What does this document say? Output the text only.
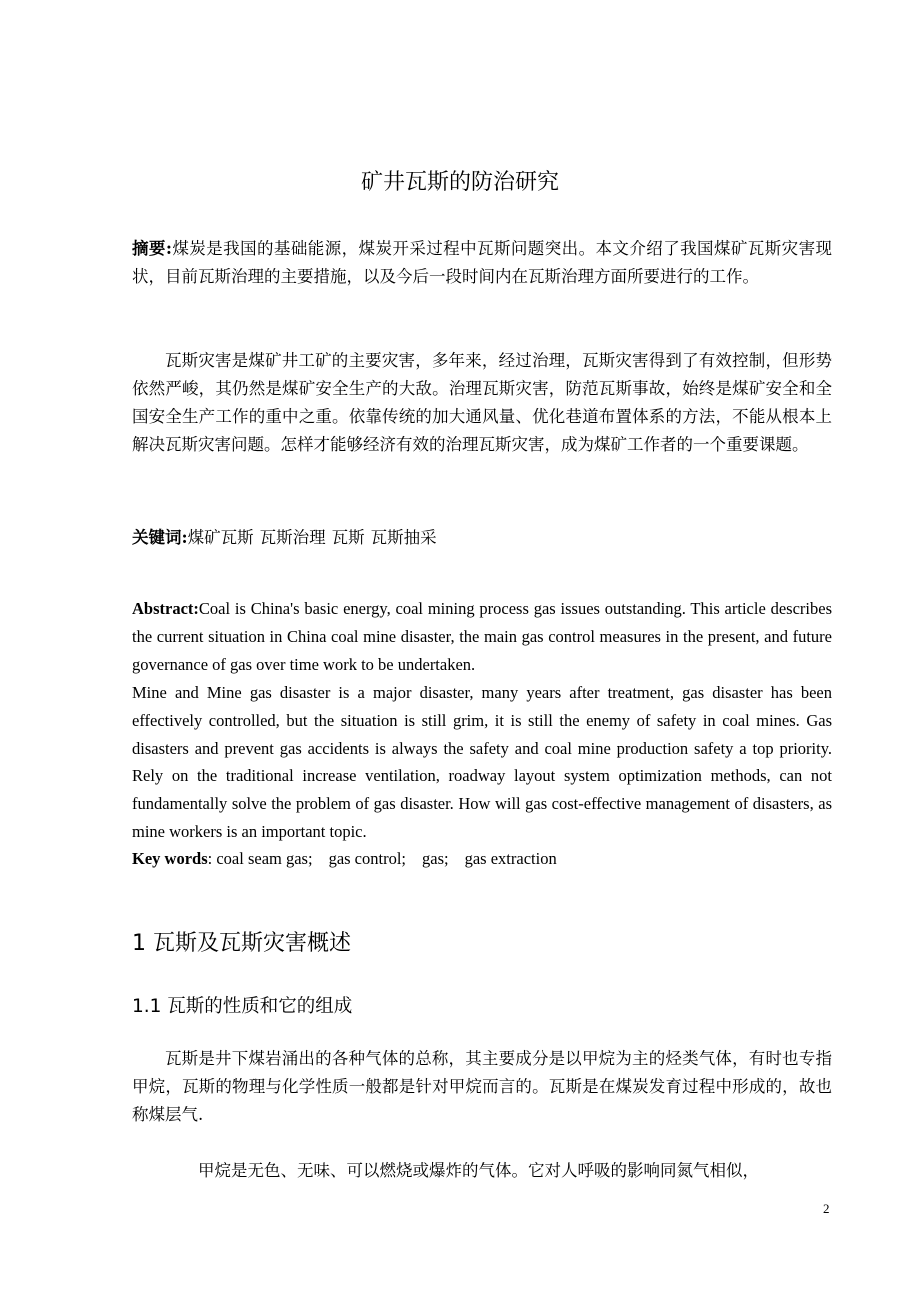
矿井瓦斯的防治研究
摘要:煤炭是我国的基础能源，煤炭开采过程中瓦斯问题突出。本文介绍了我国煤矿瓦斯灾害现状，目前瓦斯治理的主要措施，以及今后一段时间内在瓦斯治理方面所要进行的工作。
瓦斯灾害是煤矿井工矿的主要灾害，多年来，经过治理，瓦斯灾害得到了有效控制，但形势依然严峻，其仍然是煤矿安全生产的大敌。治理瓦斯灾害，防范瓦斯事故，始终是煤矿安全和全国安全生产工作的重中之重。依靠传统的加大通风量、优化巷道布置体系的方法，不能从根本上解决瓦斯灾害问题。怎样才能够经济有效的治理瓦斯灾害，成为煤矿工作者的一个重要课题。
关键词:煤矿瓦斯 瓦斯治理 瓦斯 瓦斯抽采
Abstract:Coal is China's basic energy, coal mining process gas issues outstanding. This article describes the current situation in China coal mine disaster, the main gas control measures in the present, and future governance of gas over time work to be undertaken.
Mine and Mine gas disaster is a major disaster, many years after treatment, gas disaster has been effectively controlled, but the situation is still grim, it is still the enemy of safety in coal mines. Gas disasters and prevent gas accidents is always the safety and coal mine production safety a top priority. Rely on the traditional increase ventilation, roadway layout system optimization methods, can not fundamentally solve the problem of gas disaster. How will gas cost-effective management of disasters, as mine workers is an important topic.
Key words: coal seam gas; gas control; gas; gas extraction
1 瓦斯及瓦斯灾害概述
1.1 瓦斯的性质和它的组成
瓦斯是井下煤岩涌出的各种气体的总称，其主要成分是以甲烷为主的烃类气体，有时也专指甲烷，瓦斯的物理与化学性质一般都是针对甲烷而言的。瓦斯是在煤炭发育过程中形成的，故也称煤层气.
甲烷是无色、无味、可以燃烧或爆炸的气体。它对人呼吸的影响同氮气相似，
2
